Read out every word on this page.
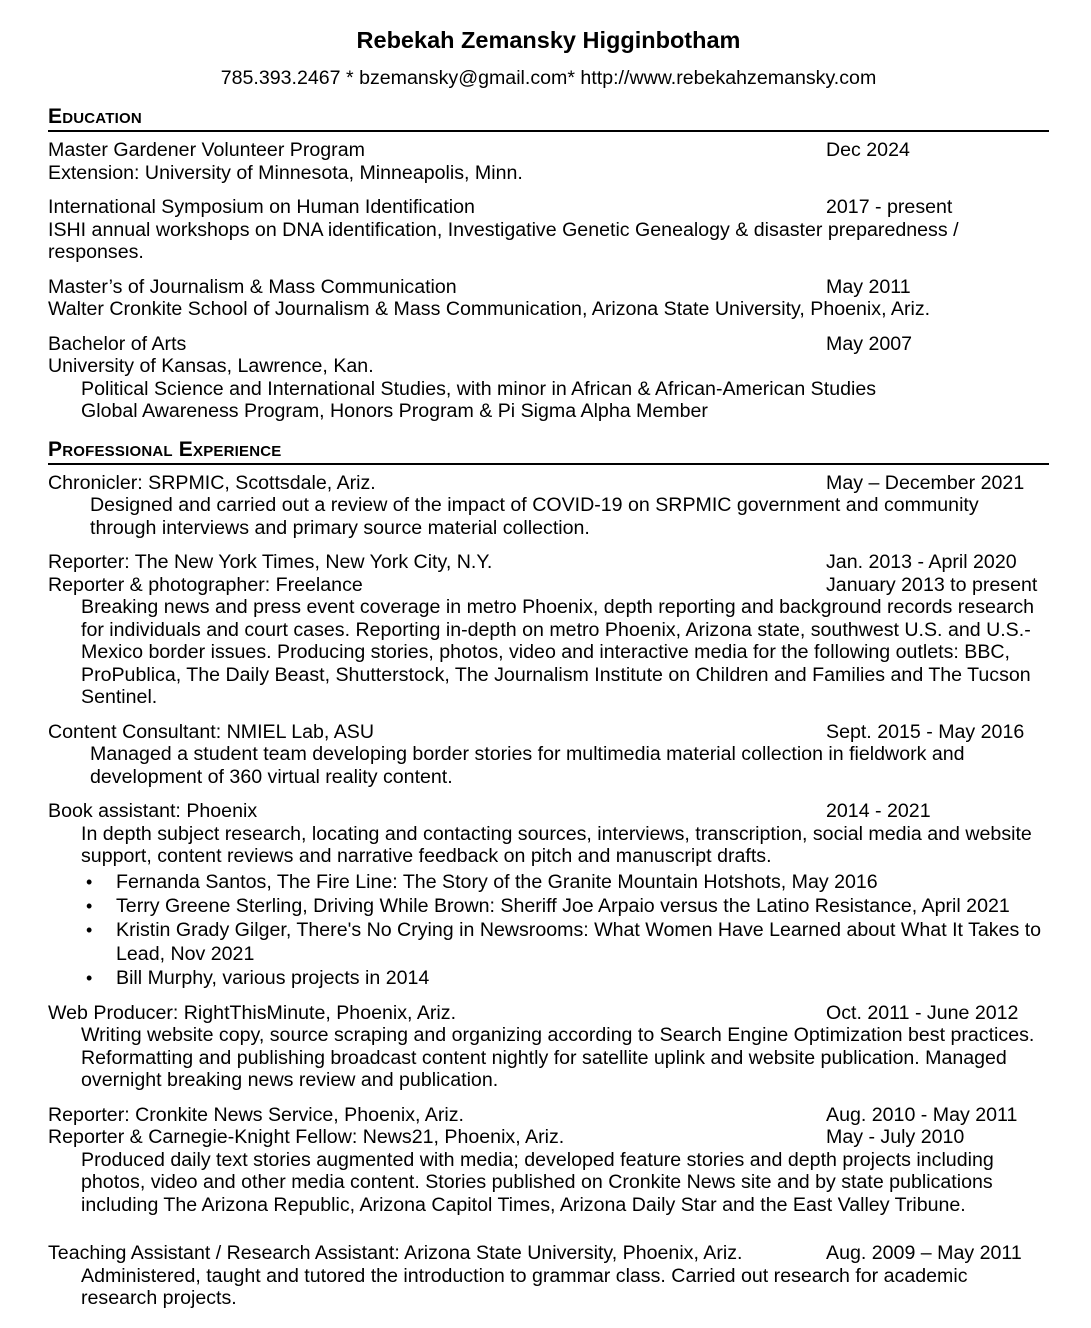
Rebekah Zemansky Higginbotham
785.393.2467 * bzemansky@gmail.com* http://www.rebekahzemansky.com
Education
Master Gardener Volunteer Program	Dec 2024
Extension: University of Minnesota, Minneapolis, Minn.
International Symposium on Human Identification	2017 - present
ISHI annual workshops on DNA identification, Investigative Genetic Genealogy & disaster preparedness / responses.
Master’s of Journalism & Mass Communication	May 2011
Walter Cronkite School of Journalism & Mass Communication, Arizona State University, Phoenix, Ariz.
Bachelor of Arts	May 2007
University of Kansas, Lawrence, Kan.
Political Science and International Studies, with minor in African & African-American Studies
Global Awareness Program, Honors Program & Pi Sigma Alpha Member
Professional Experience
Chronicler: SRPMIC, Scottsdale, Ariz.	May – December 2021

Designed and carried out a review of the impact of COVID-19 on SRPMIC government and community through interviews and primary source material collection.

Reporter: The New York Times, New York City, N.Y.	Jan. 2013 - April 2020
Reporter & photographer: Freelance	January 2013 to present

Breaking news and press event coverage in metro Phoenix, depth reporting and background records research for individuals and court cases. Reporting in-depth on metro Phoenix, Arizona state, southwest U.S. and U.S.-Mexico border issues. Producing stories, photos, video and interactive media for the following outlets: BBC, ProPublica, The Daily Beast, Shutterstock, The Journalism Institute on Children and Families and The Tucson Sentinel.

Content Consultant: NMIEL Lab, ASU	Sept. 2015 - May 2016

Managed a student team developing border stories for multimedia material collection in fieldwork and development of 360 virtual reality content.

Book assistant: Phoenix	2014 - 2021

In depth subject research, locating and contacting sources, interviews, transcription, social media and website support, content reviews and narrative feedback on pitch and manuscript drafts.

• Fernanda Santos, The Fire Line: The Story of the Granite Mountain Hotshots, May 2016
• Terry Greene Sterling, Driving While Brown: Sheriff Joe Arpaio versus the Latino Resistance, April 2021
• Kristin Grady Gilger, There's No Crying in Newsrooms: What Women Have Learned about What It Takes to Lead, Nov 2021
• Bill Murphy, various projects in 2014
Web Producer: RightThisMinute, Phoenix, Ariz.	Oct. 2011 - June 2012

Writing website copy, source scraping and organizing according to Search Engine Optimization best practices. Reformatting and publishing broadcast content nightly for satellite uplink and website publication. Managed overnight breaking news review and publication.

Reporter: Cronkite News Service, Phoenix, Ariz.	Aug. 2010 - May 2011
Reporter & Carnegie-Knight Fellow: News21, Phoenix, Ariz.	May - July 2010

Produced daily text stories augmented with media; developed feature stories and depth projects including photos, video and other media content. Stories published on Cronkite News site and by state publications including The Arizona Republic, Arizona Capitol Times, Arizona Daily Star and the East Valley Tribune.

Teaching Assistant / Research Assistant: Arizona State University, Phoenix, Ariz.	Aug. 2009 – May 2011

Administered, taught and tutored the introduction to grammar class. Carried out research for academic research projects.
